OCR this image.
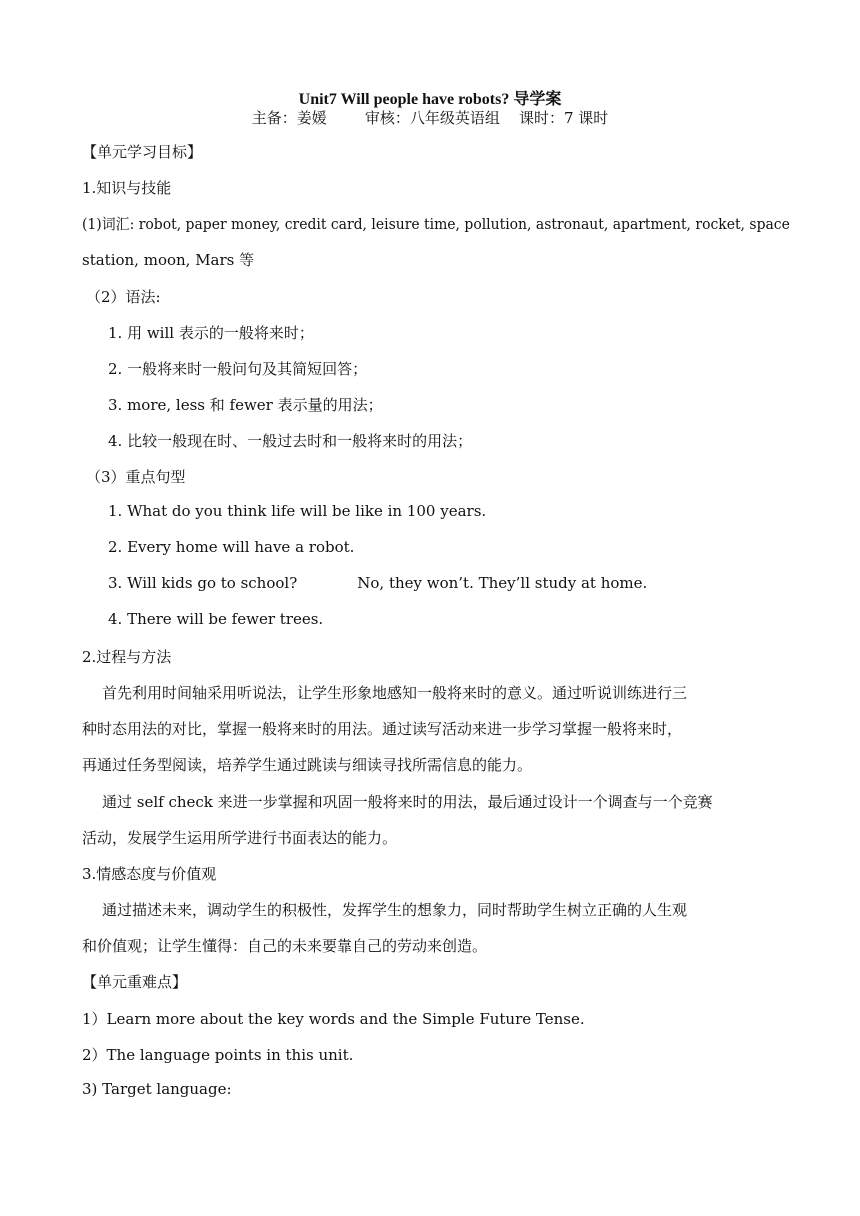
Unit7 Will people have robots? 导学案
主备：姜媛        审核：八年级英语组    课时：7 课时
【单元学习目标】
1.知识与技能
(1)词汇: robot, paper money, credit card, leisure time, pollution, astronaut, apartment, rocket, space
station, moon, Mars 等
（2）语法:
1. 用 will 表示的一般将来时；
2. 一般将来时一般问句及其简短回答；
3. more, less 和 fewer 表示量的用法；
4. 比较一般现在时、一般过去时和一般将来时的用法；
（3）重点句型
1. What do you think life will be like in 100 years.
2. Every home will have a robot.
3. Will kids go to school?	No, they won’t. They’ll study at home.
4. There will be fewer trees.
2.过程与方法
首先利用时间轴采用听说法，让学生形象地感知一般将来时的意义。通过听说训练进行三
种时态用法的对比，掌握一般将来时的用法。通过读写活动来进一步学习掌握一般将来时，
再通过任务型阅读，培养学生通过跳读与细读寻找所需信息的能力。
通过 self check 来进一步掌握和巩固一般将来时的用法，最后通过设计一个调查与一个竞赛
活动，发展学生运用所学进行书面表达的能力。
3.情感态度与价值观
通过描述未来，调动学生的积极性，发挥学生的想象力，同时帮助学生树立正确的人生观
和价值观；让学生懂得：自己的未来要靠自己的劳动来创造。
【单元重难点】
1）Learn more about the key words and the Simple Future Tense.
2）The language points in this unit.
3) Target language:
